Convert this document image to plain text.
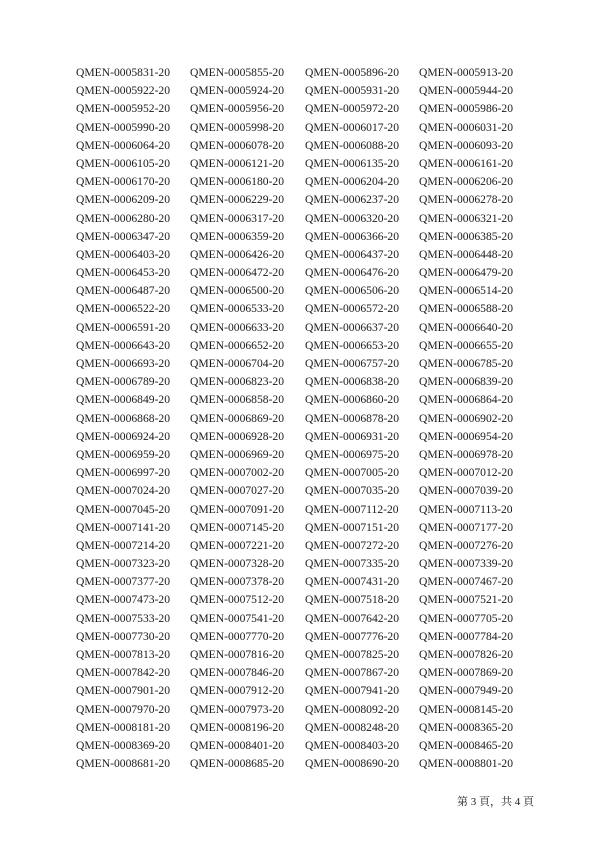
QMEN-0005831-20	QMEN-0005855-20	QMEN-0005896-20	QMEN-0005913-20
QMEN-0005922-20	QMEN-0005924-20	QMEN-0005931-20	QMEN-0005944-20
QMEN-0005952-20	QMEN-0005956-20	QMEN-0005972-20	QMEN-0005986-20
QMEN-0005990-20	QMEN-0005998-20	QMEN-0006017-20	QMEN-0006031-20
QMEN-0006064-20	QMEN-0006078-20	QMEN-0006088-20	QMEN-0006093-20
QMEN-0006105-20	QMEN-0006121-20	QMEN-0006135-20	QMEN-0006161-20
QMEN-0006170-20	QMEN-0006180-20	QMEN-0006204-20	QMEN-0006206-20
QMEN-0006209-20	QMEN-0006229-20	QMEN-0006237-20	QMEN-0006278-20
QMEN-0006280-20	QMEN-0006317-20	QMEN-0006320-20	QMEN-0006321-20
QMEN-0006347-20	QMEN-0006359-20	QMEN-0006366-20	QMEN-0006385-20
QMEN-0006403-20	QMEN-0006426-20	QMEN-0006437-20	QMEN-0006448-20
QMEN-0006453-20	QMEN-0006472-20	QMEN-0006476-20	QMEN-0006479-20
QMEN-0006487-20	QMEN-0006500-20	QMEN-0006506-20	QMEN-0006514-20
QMEN-0006522-20	QMEN-0006533-20	QMEN-0006572-20	QMEN-0006588-20
QMEN-0006591-20	QMEN-0006633-20	QMEN-0006637-20	QMEN-0006640-20
QMEN-0006643-20	QMEN-0006652-20	QMEN-0006653-20	QMEN-0006655-20
QMEN-0006693-20	QMEN-0006704-20	QMEN-0006757-20	QMEN-0006785-20
QMEN-0006789-20	QMEN-0006823-20	QMEN-0006838-20	QMEN-0006839-20
QMEN-0006849-20	QMEN-0006858-20	QMEN-0006860-20	QMEN-0006864-20
QMEN-0006868-20	QMEN-0006869-20	QMEN-0006878-20	QMEN-0006902-20
QMEN-0006924-20	QMEN-0006928-20	QMEN-0006931-20	QMEN-0006954-20
QMEN-0006959-20	QMEN-0006969-20	QMEN-0006975-20	QMEN-0006978-20
QMEN-0006997-20	QMEN-0007002-20	QMEN-0007005-20	QMEN-0007012-20
QMEN-0007024-20	QMEN-0007027-20	QMEN-0007035-20	QMEN-0007039-20
QMEN-0007045-20	QMEN-0007091-20	QMEN-0007112-20	QMEN-0007113-20
QMEN-0007141-20	QMEN-0007145-20	QMEN-0007151-20	QMEN-0007177-20
QMEN-0007214-20	QMEN-0007221-20	QMEN-0007272-20	QMEN-0007276-20
QMEN-0007323-20	QMEN-0007328-20	QMEN-0007335-20	QMEN-0007339-20
QMEN-0007377-20	QMEN-0007378-20	QMEN-0007431-20	QMEN-0007467-20
QMEN-0007473-20	QMEN-0007512-20	QMEN-0007518-20	QMEN-0007521-20
QMEN-0007533-20	QMEN-0007541-20	QMEN-0007642-20	QMEN-0007705-20
QMEN-0007730-20	QMEN-0007770-20	QMEN-0007776-20	QMEN-0007784-20
QMEN-0007813-20	QMEN-0007816-20	QMEN-0007825-20	QMEN-0007826-20
QMEN-0007842-20	QMEN-0007846-20	QMEN-0007867-20	QMEN-0007869-20
QMEN-0007901-20	QMEN-0007912-20	QMEN-0007941-20	QMEN-0007949-20
QMEN-0007970-20	QMEN-0007973-20	QMEN-0008092-20	QMEN-0008145-20
QMEN-0008181-20	QMEN-0008196-20	QMEN-0008248-20	QMEN-0008365-20
QMEN-0008369-20	QMEN-0008401-20	QMEN-0008403-20	QMEN-0008465-20
QMEN-0008681-20	QMEN-0008685-20	QMEN-0008690-20	QMEN-0008801-20
第 3 頁，共 4 頁
